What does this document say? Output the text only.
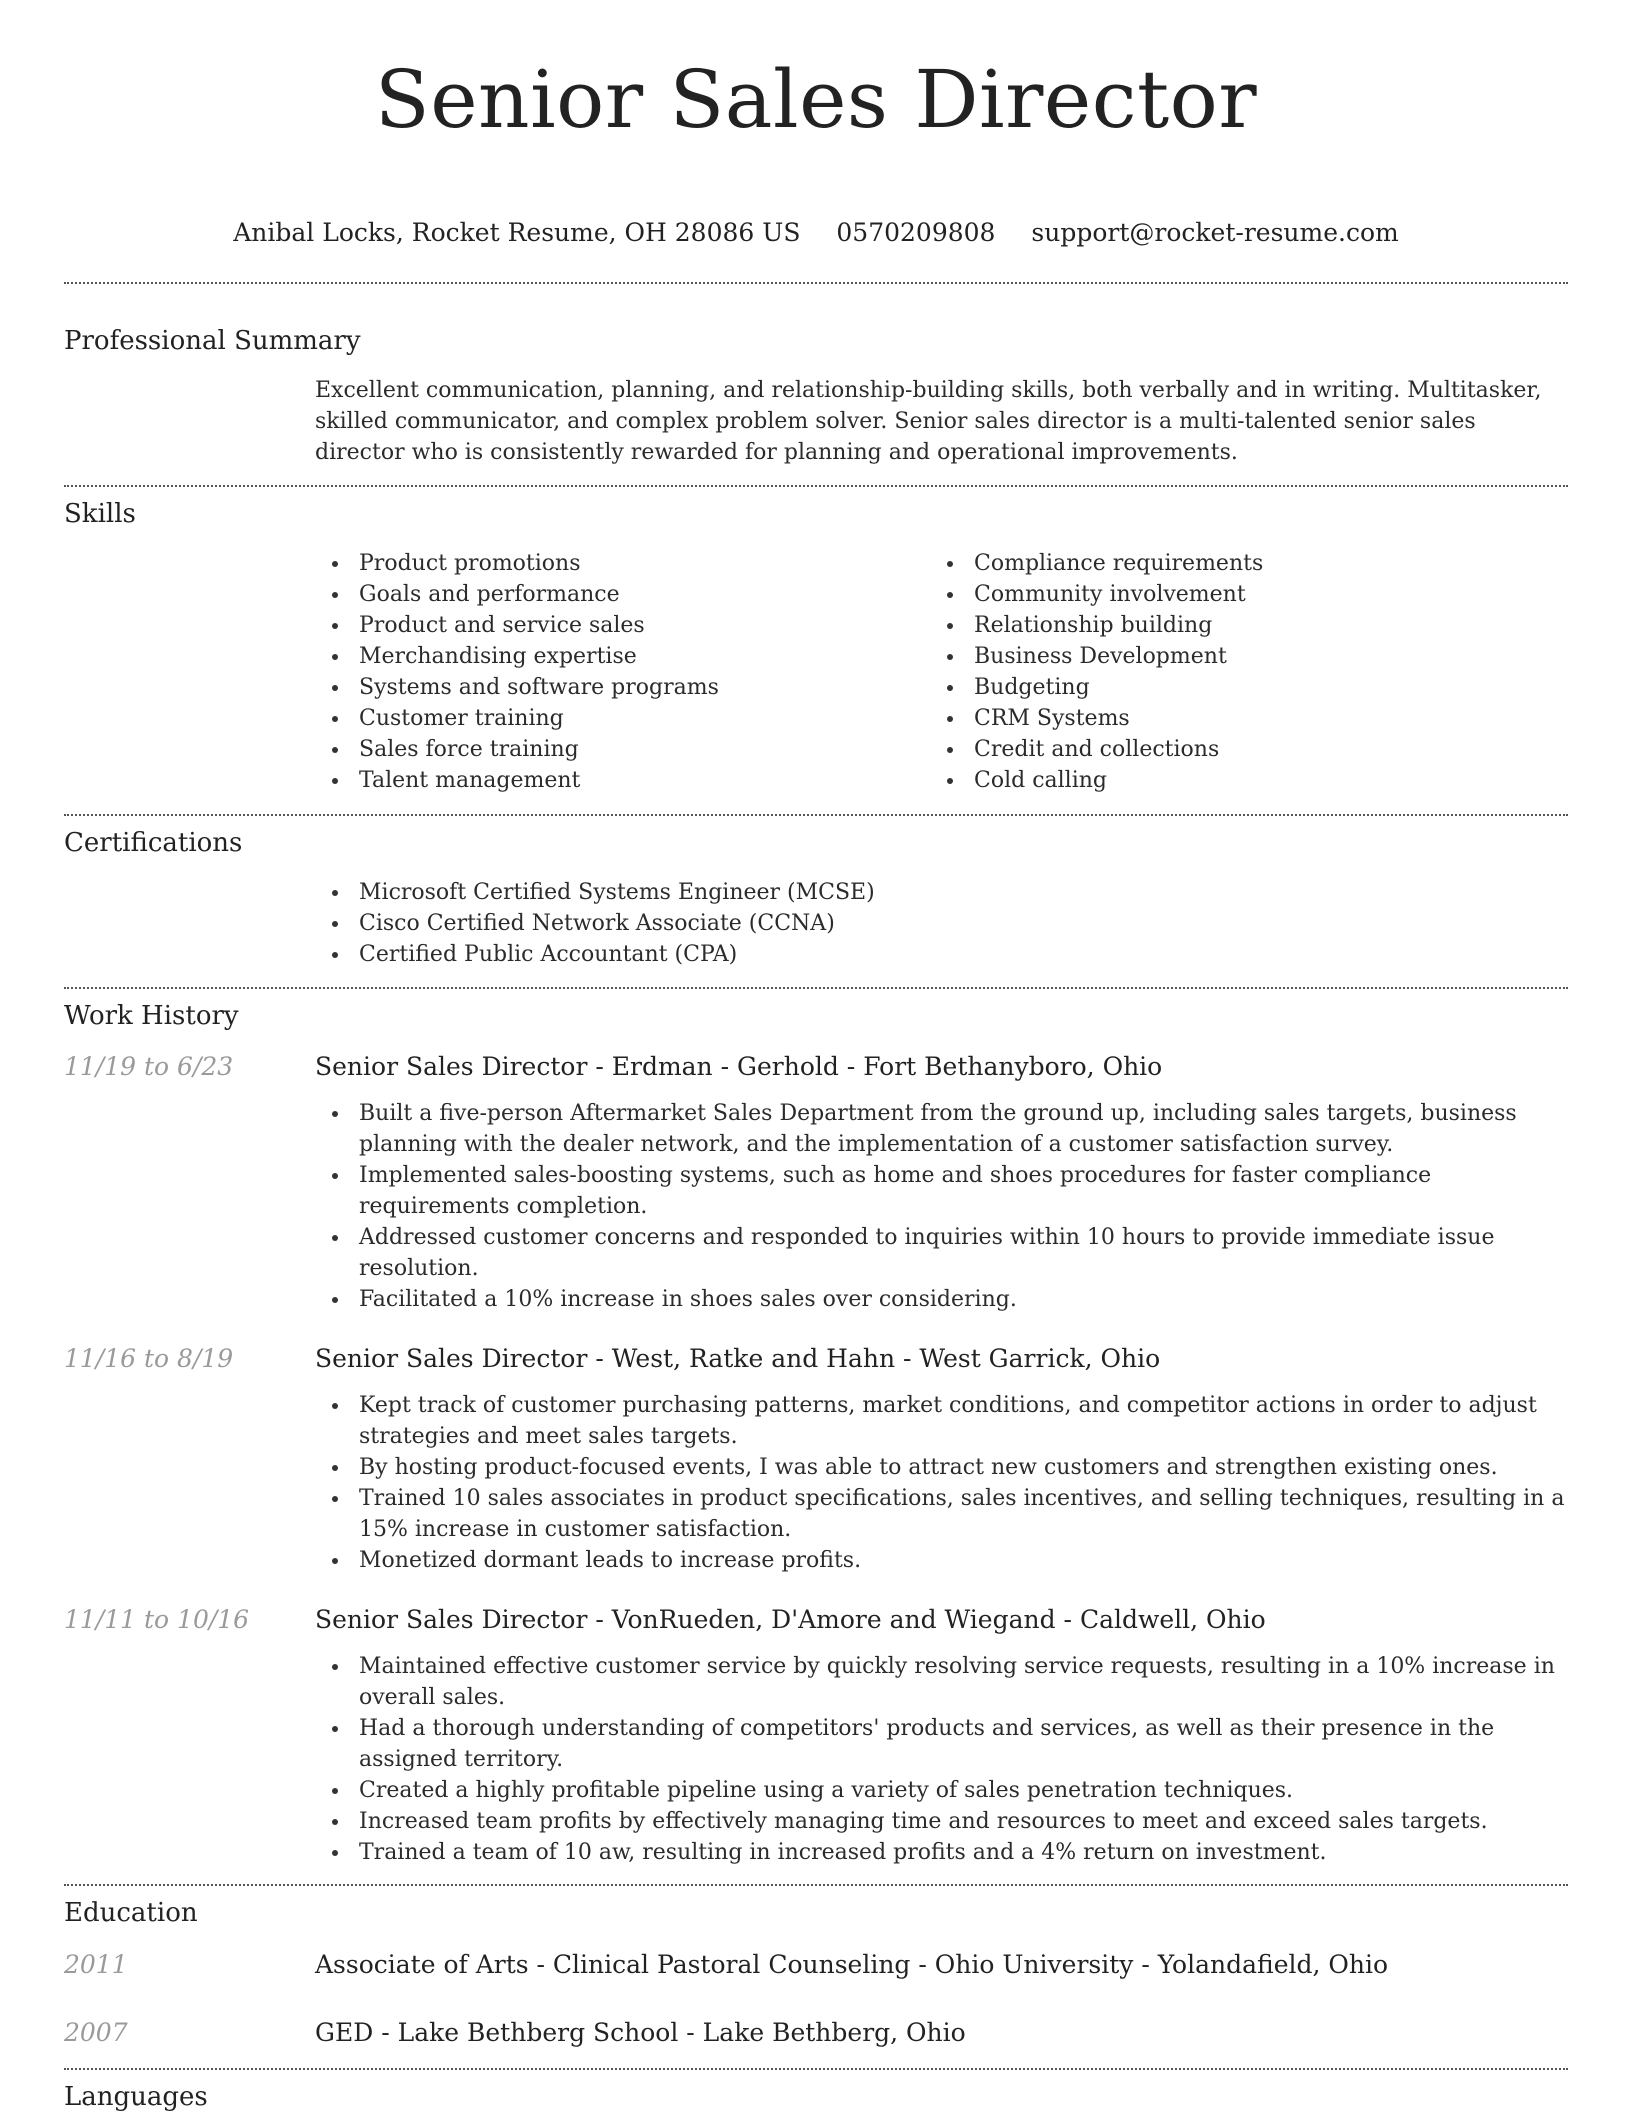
Senior Sales Director
Anibal Locks, Rocket Resume, OH 28086 US 0570209808 support@rocket-resume.com
Professional Summary
Excellent communication, planning, and relationship-building skills, both verbally and in writing. Multitasker, skilled communicator, and complex problem solver. Senior sales director is a multi-talented senior sales director who is consistently rewarded for planning and operational improvements.
Skills
Product promotions
Goals and performance
Product and service sales
Merchandising expertise
Systems and software programs
Customer training
Sales force training
Talent management
Compliance requirements
Community involvement
Relationship building
Business Development
Budgeting
CRM Systems
Credit and collections
Cold calling
Certifications
Microsoft Certified Systems Engineer (MCSE)
Cisco Certified Network Associate (CCNA)
Certified Public Accountant (CPA)
Work History
11/19 to 6/23	Senior Sales Director - Erdman - Gerhold - Fort Bethanyboro, Ohio
Built a five-person Aftermarket Sales Department from the ground up, including sales targets, business planning with the dealer network, and the implementation of a customer satisfaction survey.
Implemented sales-boosting systems, such as home and shoes procedures for faster compliance requirements completion.
Addressed customer concerns and responded to inquiries within 10 hours to provide immediate issue resolution.
Facilitated a 10% increase in shoes sales over considering.
11/16 to 8/19	Senior Sales Director - West, Ratke and Hahn - West Garrick, Ohio
Kept track of customer purchasing patterns, market conditions, and competitor actions in order to adjust strategies and meet sales targets.
By hosting product-focused events, I was able to attract new customers and strengthen existing ones.
Trained 10 sales associates in product specifications, sales incentives, and selling techniques, resulting in a 15% increase in customer satisfaction.
Monetized dormant leads to increase profits.
11/11 to 10/16	Senior Sales Director - VonRueden, D'Amore and Wiegand - Caldwell, Ohio
Maintained effective customer service by quickly resolving service requests, resulting in a 10% increase in overall sales.
Had a thorough understanding of competitors' products and services, as well as their presence in the assigned territory.
Created a highly profitable pipeline using a variety of sales penetration techniques.
Increased team profits by effectively managing time and resources to meet and exceed sales targets.
Trained a team of 10 aw, resulting in increased profits and a 4% return on investment.
Education
2011	Associate of Arts - Clinical Pastoral Counseling - Ohio University - Yolandafield, Ohio
2007	GED - Lake Bethberg School - Lake Bethberg, Ohio
Languages
